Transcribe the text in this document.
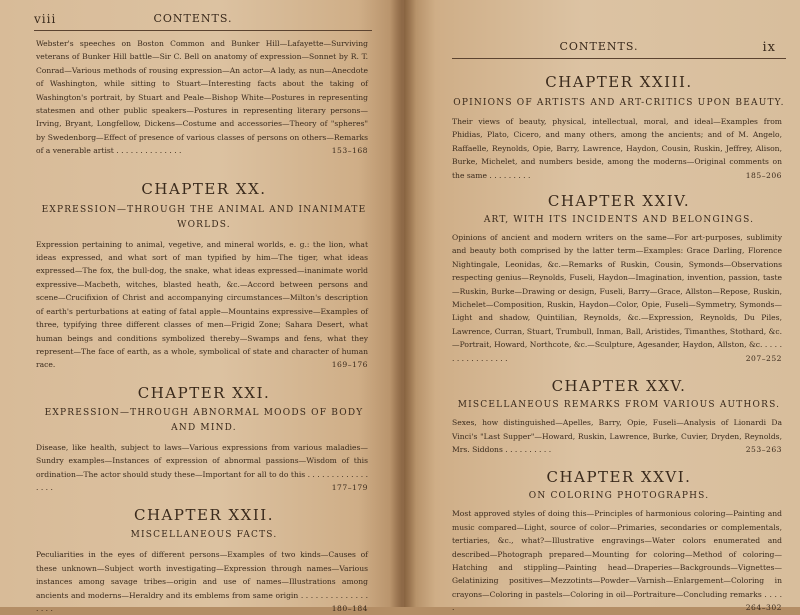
viii	CONTENTS.

Webster's speeches on Boston Common and Bunker Hill—Lafayette—Surviving veterans of Bunker Hill battle—Sir C. Bell on anatomy of expression—Sonnet by R. T. Conrad—Various methods of rousing expression—An actor—A lady, as nun—Anecdote of Washington, while sitting to Stuart—Interesting facts about the taking of Washington's portrait, by Stuart and Peale—Bishop White—Postures in representing statesmen and other public speakers—Postures in representing literary persons—Irving, Bryant, Longfellow, Dickens—Costume and accessories—Theory of "spheres" by Swedenborg—Effect of presence of various classes of persons on others—Remarks of a venerable artist . . . . . . . . . . . . . .	153–168

CHAPTER XX.

EXPRESSION—THROUGH THE ANIMAL AND INANIMATE WORLDS.

Expression pertaining to animal, vegetive, and mineral worlds, e. g.: the lion, what ideas expressed, and what sort of man typified by him—The tiger, what ideas expressed—The fox, the bull-dog, the snake, what ideas expressed—inanimate world expressive—Macbeth, witches, blasted heath, &c.—Accord between persons and scene—Crucifixion of Christ and accompanying circumstances—Milton's description of earth's perturbations at eating of fatal apple—Mountains expressive—Examples of three, typifying three different classes of men—Frigid Zone; Sahara Desert, what human beings and conditions symbolized thereby—Swamps and fens, what they represent—The face of earth, as a whole, symbolical of state and character of human race.	169–176

CHAPTER XXI.

EXPRESSION—THROUGH ABNORMAL MOODS OF BODY AND MIND.

Disease, like health, subject to laws—Various expressions from various maladies—Sundry examples—Instances of expression of abnormal passions—Wisdom of this ordination—The actor should study these—Important for all to do this . . . . . . . . . . . . . . . . .	177–179

CHAPTER XXII.

MISCELLANEOUS FACTS.

Peculiarities in the eyes of different persons—Examples of two kinds—Causes of these unknown—Subject worth investigating—Expression through names—Various instances among savage tribes—origin and use of names—Illustrations among ancients and moderns—Heraldry and its emblems from same origin . . . . . . . . . . . . . . . . . .	180–184

CONTENTS.	ix
CHAPTER XXIII.

OPINIONS OF ARTISTS AND ART-CRITICS UPON BEAUTY.

Their views of beauty, physical, intellectual, moral, and ideal—Examples from Phidias, Plato, Cicero, and many others, among the ancients; and of M. Angelo, Raffaelle, Reynolds, Opie, Barry, Lawrence, Haydon, Cousin, Ruskin, Jeffrey, Alison, Burke, Michelet, and numbers beside, among the moderns—Original comments on the same . . . . . . . . .	185–206

CHAPTER XXIV.

ART, WITH ITS INCIDENTS AND BELONGINGS.

Opinions of ancient and modern writers on the same—For art-purposes, sublimity and beauty both comprised by the latter term—Examples: Grace Darling, Florence Nightingale, Leonidas, &c.—Remarks of Ruskin, Cousin, Symonds—Observations respecting genius—Reynolds, Fuseli, Haydon—Imagination, invention, passion, taste—Ruskin, Burke—Drawing or design, Fuseli, Barry—Grace, Allston—Repose, Ruskin, Michelet—Composition, Ruskin, Haydon—Color, Opie, Fuseli—Symmetry, Symonds—Light and shadow, Quintilian, Reynolds, &c.—Expression, Reynolds, Du Piles, Lawrence, Curran, Stuart, Trumbull, Inman, Ball, Aristides, Timanthes, Stothard, &c.—Portrait, Howard, Northcote, &c.—Sculpture, Agesander, Haydon, Allston, &c. . . . . . . . . . . . . . . . .	207–252

CHAPTER XXV.

MISCELLANEOUS REMARKS FROM VARIOUS AUTHORS.

Sexes, how distinguished—Apelles, Barry, Opie, Fuseli—Analysis of Lionardi Da Vinci's "Last Supper"—Howard, Ruskin, Lawrence, Burke, Cuvier, Dryden, Reynolds, Mrs. Siddons . . . . . . . . . .	253–263

CHAPTER XXVI.

ON COLORING PHOTOGRAPHS.

Most approved styles of doing this—Principles of harmonious coloring—Painting and music compared—Light, source of color—Primaries, secondaries or complementals, tertiaries, &c., what?—Illustrative engravings—Water colors enumerated and described—Photograph prepared—Mounting for coloring—Method of coloring—Hatching and stippling—Painting head—Draperies—Backgrounds—Vignettes—Gelatinizing positives—Mezzotints—Powder—Varnish—Enlargement—Coloring in crayons—Coloring in pastels—Coloring in oil—Portraiture—Concluding remarks . . . . .	264–302
